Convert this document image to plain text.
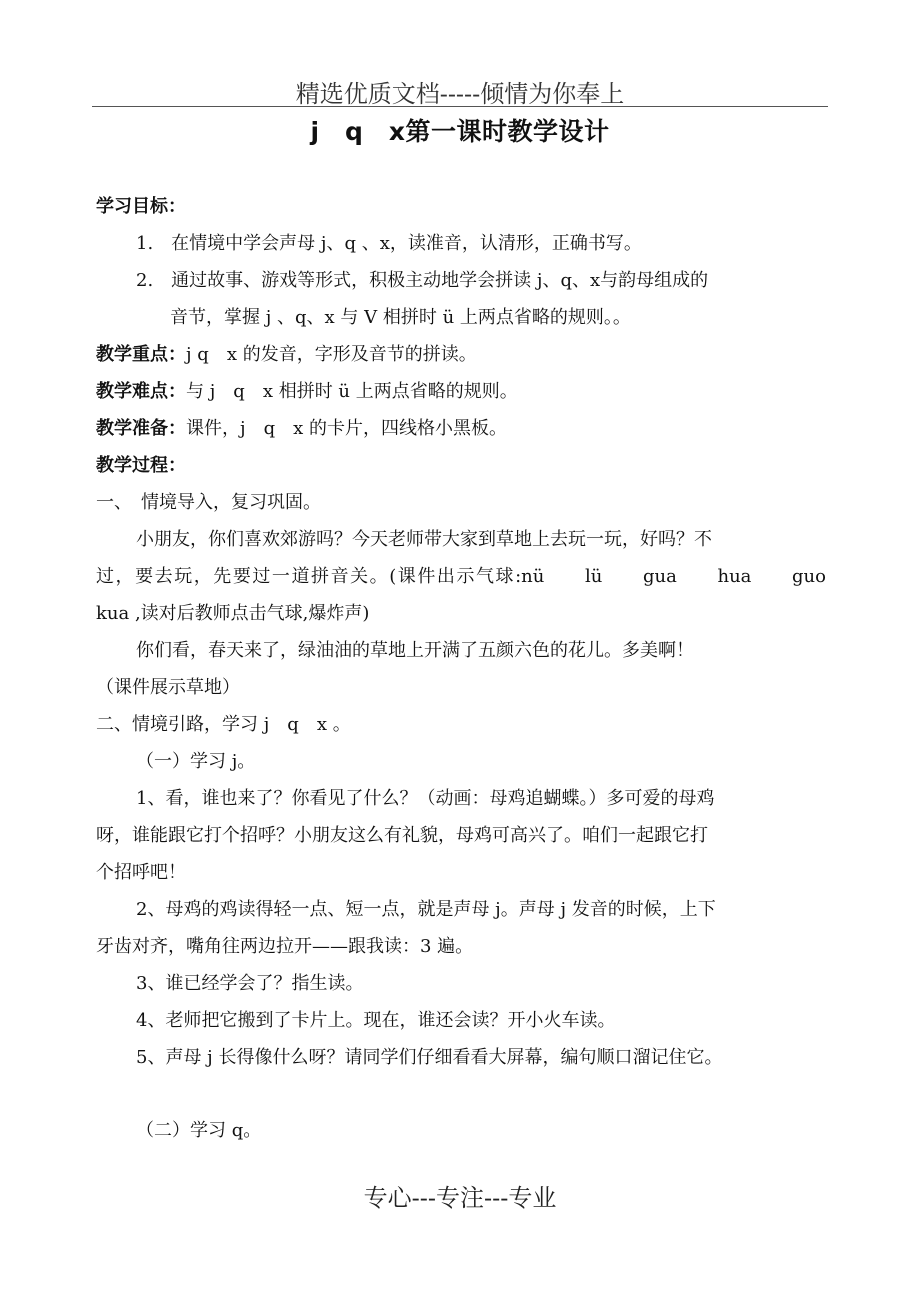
精选优质文档-----倾情为你奉上
j　q　x第一课时教学设计
学习目标：
1.　在情境中学会声母 j、q 、x，读准音，认清形，正确书写。
2.　通过故事、游戏等形式，积极主动地学会拼读 j、q、x与韵母组成的
音节，掌握 j 、q、x 与 V 相拼时 ü 上两点省略的规则。。
教学重点：j q　x 的发音，字形及音节的拼读。
教学难点：与 j　q　x 相拼时 ü 上两点省略的规则。
教学准备：课件，j　q　x 的卡片，四线格小黑板。
教学过程：
一、　情境导入，复习巩固。
小朋友，你们喜欢郊游吗？今天老师带大家到草地上去玩一玩，好吗？不
过，要去玩，先要过一道拼音关。(课件出示气球:nü　　lü　　gua　　hua　　guo
kua ,读对后教师点击气球,爆炸声)
你们看，春天来了，绿油油的草地上开满了五颜六色的花儿。多美啊！
（课件展示草地）
二、情境引路，学习 j　q　x 。
（一）学习 j。
1、看，谁也来了？你看见了什么？（动画：母鸡追蝴蝶。）多可爱的母鸡
呀，谁能跟它打个招呼？小朋友这么有礼貌，母鸡可高兴了。咱们一起跟它打
个招呼吧！
2、母鸡的鸡读得轻一点、短一点，就是声母 j。声母 j 发音的时候，上下
牙齿对齐，嘴角往两边拉开——跟我读：3 遍。
3、谁已经学会了？指生读。
4、老师把它搬到了卡片上。现在，谁还会读？开小火车读。
5、声母 j 长得像什么呀？请同学们仔细看看大屏幕，编句顺口溜记住它。
（二）学习 q。
专心---专注---专业
